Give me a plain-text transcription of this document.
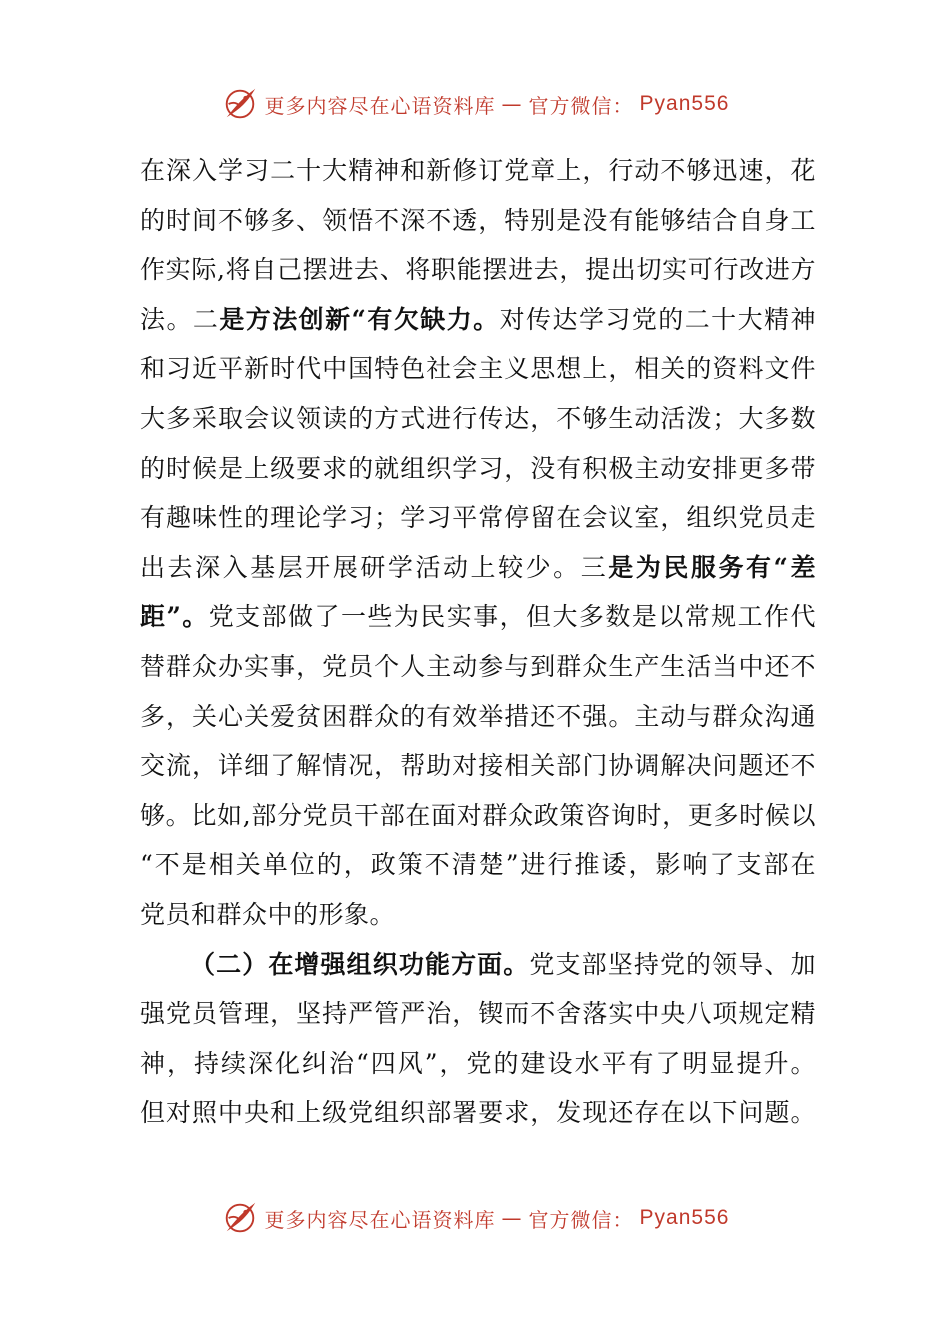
更多内容尽在心语资料库 — 官方微信： Pyan556
在深入学习二十大精神和新修订党章上，行动不够迅速，花
的时间不够多、领悟不深不透，特别是没有能够结合自身工
作实际,将自己摆进去、将职能摆进去，提出切实可行改进方
法。二是方法创新“有欠缺力。对传达学习党的二十大精神
和习近平新时代中国特色社会主义思想上，相关的资料文件
大多采取会议领读的方式进行传达，不够生动活泼；大多数
的时候是上级要求的就组织学习，没有积极主动安排更多带
有趣味性的理论学习；学习平常停留在会议室，组织党员走
出去深入基层开展研学活动上较少。三是为民服务有“差
距”。党支部做了一些为民实事，但大多数是以常规工作代
替群众办实事，党员个人主动参与到群众生产生活当中还不
多，关心关爱贫困群众的有效举措还不强。主动与群众沟通
交流，详细了解情况，帮助对接相关部门协调解决问题还不
够。比如,部分党员干部在面对群众政策咨询时，更多时候以
“不是相关单位的，政策不清楚”进行推诿，影响了支部在
党员和群众中的形象。
（二）在增强组织功能方面。党支部坚持党的领导、加
强党员管理，坚持严管严治，锲而不舍落实中央八项规定精
神，持续深化纠治“四风”，党的建设水平有了明显提升。
但对照中央和上级党组织部署要求，发现还存在以下问题。
更多内容尽在心语资料库 — 官方微信： Pyan556
